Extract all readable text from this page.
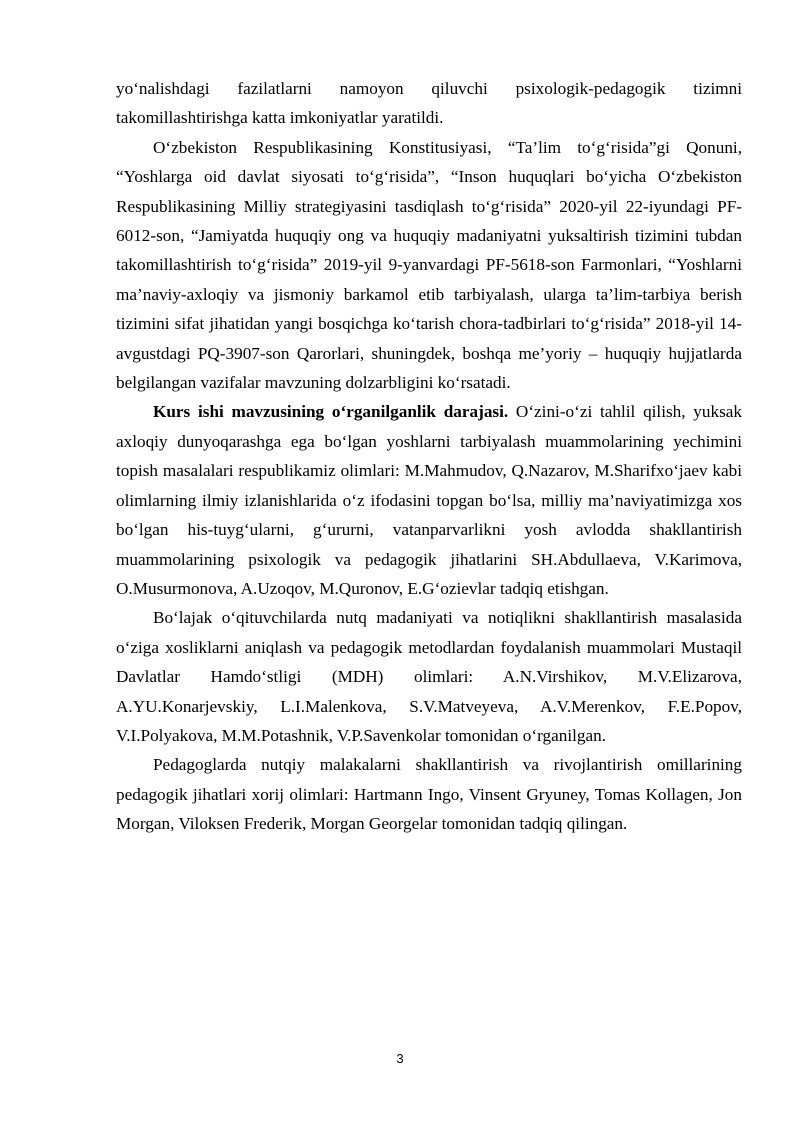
yo‘nalishdagi fazilatlarni namoyon qiluvchi psixologik-pedagogik tizimni takomillashtirishga katta imkoniyatlar yaratildi.

O‘zbekiston Respublikasining Konstitusiyasi, “Ta’lim to‘g‘risida”gi Qonuni, “Yoshlarga oid davlat siyosati to‘g‘risida”, “Inson huquqlari bo‘yicha O‘zbekiston Respublikasining Milliy strategiyasini tasdiqlash to‘g‘risida” 2020-yil 22-iyundagi PF-6012-son, “Jamiyatda huquqiy ong va huquqiy madaniyatni yuksaltirish tizimini tubdan takomillashtirish to‘g‘risida” 2019-yil 9-yanvardagi PF-5618-son Farmonlari, “Yoshlarni ma’naviy-axloqiy va jismoniy barkamol etib tarbiyalash, ularga ta’lim-tarbiya berish tizimini sifat jihatidan yangi bosqichga ko‘tarish chora-tadbirlari to‘g‘risida” 2018-yil 14-avgustdagi PQ-3907-son Qarorlari, shuningdek, boshqa me’yoriy – huquqiy hujjatlarda belgilangan vazifalar mavzuning dolzarbligini ko‘rsatadi.

Kurs ishi mavzusining o‘rganilganlik darajasi. O‘zini-o‘zi tahlil qilish, yuksak axloqiy dunyoqarashga ega bo‘lgan yoshlarni tarbiyalash muammolarining yechimini topish masalalari respublikamiz olimlari: M.Mahmudov, Q.Nazarov, M.Sharifxo‘jaev kabi olimlarning ilmiy izlanishlarida o‘z ifodasini topgan bo‘lsa, milliy ma’naviyatimizga xos bo‘lgan his-tuyg‘ularni, g‘ururni, vatanparvarlikni yosh avlodda shakllantirish muammolarining psixologik va pedagogik jihatlarini SH.Abdullaeva, V.Karimova, O.Musurmonova, A.Uzoqov, M.Quronov, E.G‘ozievlar tadqiq etishgan.

Bo‘lajak o‘qituvchilarda nutq madaniyati va notiqlikni shakllantirish masalasida o‘ziga xosliklarni aniqlash va pedagogik metodlardan foydalanish muammolari Mustaqil Davlatlar Hamdo‘stligi (MDH) olimlari: A.N.Virshikov, M.V.Elizarova, A.YU.Konarjevskiy, L.I.Malenkova, S.V.Matveyeva, A.V.Merenkov, F.E.Popov, V.I.Polyakova, M.M.Potashnik, V.P.Savenkolar tomonidan o‘rganilgan.

Pedagoglarda nutqiy malakalarni shakllantirish va rivojlantirish omillarining pedagogik jihatlari xorij olimlari: Hartmann Ingo, Vinsent Gryuney, Tomas Kollagen, Jon Morgan, Viloksen Frederik, Morgan Georgelar tomonidan tadqiq qilingan.

3
